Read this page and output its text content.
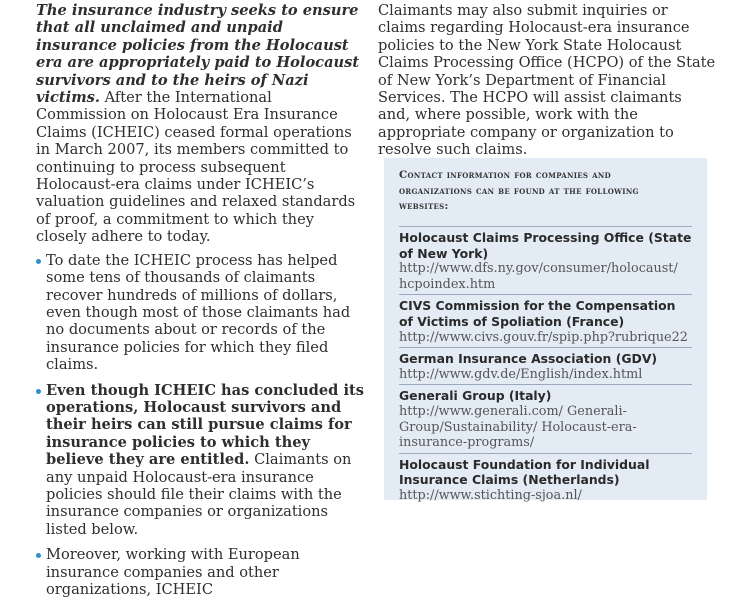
The insurance industry seeks to ensure that all unclaimed and unpaid insurance policies from the Holocaust era are appropriately paid to Holocaust survivors and to the heirs of Nazi victims. After the International Commission on Holocaust Era Insurance Claims (ICHEIC) ceased formal operations in March 2007, its members committed to continuing to process subsequent Holocaust-era claims under ICHEIC’s valuation guidelines and relaxed standards of proof, a commitment to which they closely adhere to today.

To date the ICHEIC process has helped some tens of thousands of claimants recover hundreds of millions of dollars, even though most of those claimants had no documents about or records of the insurance policies for which they filed claims.
Even though ICHEIC has concluded its operations, Holocaust survivors and their heirs can still pursue claims for insurance policies to which they believe they are entitled. Claimants on any unpaid Holocaust-era insurance policies should file their claims with the insurance companies or organizations listed below.
Moreover, working with European insurance companies and other organizations, ICHEIC

Claimants may also submit inquiries or claims regarding Holocaust-era insurance policies to the New York State Holocaust Claims Processing Office (HCPO) of the State of New York’s Department of Financial Services. The HCPO will assist claimants and, where possible, work with the appropriate company or organization to resolve such claims.

Contact information for companies and organizations can be found at the following websites:
Holocaust Claims Processing Office (State of New York)
http://www.dfs.ny.gov/consumer/holocaust/ hcpoindex.htm
CIVS Commission for the Compensation of Victims of Spoliation (France)
http://www.civs.gouv.fr/spip.php?rubrique22
German Insurance Association (GDV)
http://www.gdv.de/English/index.html
Generali Group (Italy)
http://www.generali.com/ Generali-Group/Sustainability/ Holocaust-era-insurance-programs/
Holocaust Foundation for Individual Insurance Claims (Netherlands)
http://www.stichting-sjoa.nl/
